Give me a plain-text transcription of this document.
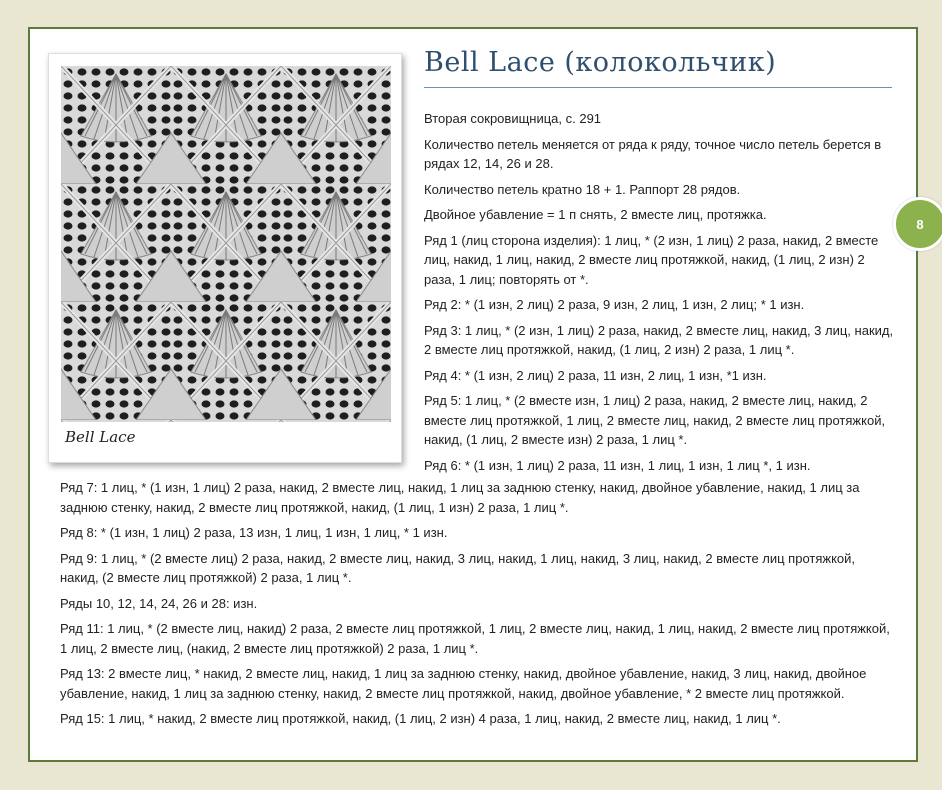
Bell Lace
Bell Lace (колокольчик)

Вторая сокровищница, с. 291

Количество петель меняется от ряда к ряду, точное число петель берется в рядах 12, 14, 26 и 28.

Количество петель кратно 18 + 1. Раппорт 28 рядов.

Двойное убавление = 1 п снять, 2 вместе лиц, протяжка.

Ряд 1 (лиц сторона изделия): 1 лиц, * (2 изн, 1 лиц) 2 раза, накид, 2 вместе лиц, накид, 1 лиц, накид, 2 вместе лиц протяжкой, накид, (1 лиц, 2 изн) 2 раза, 1 лиц; повторять от *.

Ряд 2: * (1 изн, 2 лиц) 2 раза, 9 изн, 2 лиц, 1 изн, 2 лиц; * 1 изн.

Ряд 3: 1 лиц, * (2 изн, 1 лиц) 2 раза, накид, 2 вместе лиц, накид, 3 лиц, накид, 2 вместе лиц протяжкой, накид, (1 лиц, 2 изн) 2 раза, 1 лиц *.

Ряд 4: * (1 изн, 2 лиц) 2 раза, 11 изн, 2 лиц, 1 изн, *1 изн.

Ряд 5: 1 лиц, * (2 вместе изн, 1 лиц) 2 раза, накид, 2 вместе лиц, накид, 2 вместе лиц протяжкой, 1 лиц, 2 вместе лиц, накид, 2 вместе лиц протяжкой, накид, (1 лиц, 2 вместе изн) 2 раза, 1 лиц *.

Ряд 6: * (1 изн, 1 лиц) 2 раза, 11 изн, 1 лиц, 1 изн, 1 лиц *, 1 изн.

Ряд 7: 1 лиц, * (1 изн, 1 лиц) 2 раза, накид, 2 вместе лиц, накид, 1 лиц за заднюю стенку, накид, двойное убавление, накид, 1 лиц за заднюю стенку, накид, 2 вместе лиц протяжкой, накид, (1 лиц, 1 изн) 2 раза, 1 лиц *.

Ряд 8: * (1 изн, 1 лиц) 2 раза, 13 изн, 1 лиц, 1 изн, 1 лиц, * 1 изн.

Ряд 9: 1 лиц, * (2 вместе лиц) 2 раза, накид, 2 вместе лиц, накид, 3 лиц, накид, 1 лиц, накид, 3 лиц, накид, 2 вместе лиц протяжкой, накид, (2 вместе лиц протяжкой) 2 раза, 1 лиц *.

Ряды 10, 12, 14, 24, 26 и 28: изн.

Ряд 11: 1 лиц, * (2 вместе лиц, накид) 2 раза, 2 вместе лиц протяжкой, 1 лиц, 2 вместе лиц, накид, 1 лиц, накид, 2 вместе лиц протяжкой, 1 лиц, 2 вместе лиц, (накид, 2 вместе лиц протяжкой) 2 раза, 1 лиц *.

Ряд 13: 2 вместе лиц, * накид, 2 вместе лиц, накид, 1 лиц за заднюю стенку, накид, двойное убавление, накид, 3 лиц, накид, двойное убавление, накид, 1 лиц за заднюю стенку, накид, 2 вместе лиц протяжкой, накид, двойное убавление, * 2 вместе лиц протяжкой.

Ряд 15: 1 лиц, * накид, 2 вместе лиц протяжкой, накид, (1 лиц, 2 изн) 4 раза, 1 лиц, накид, 2 вместе лиц, накид, 1 лиц *.

8
